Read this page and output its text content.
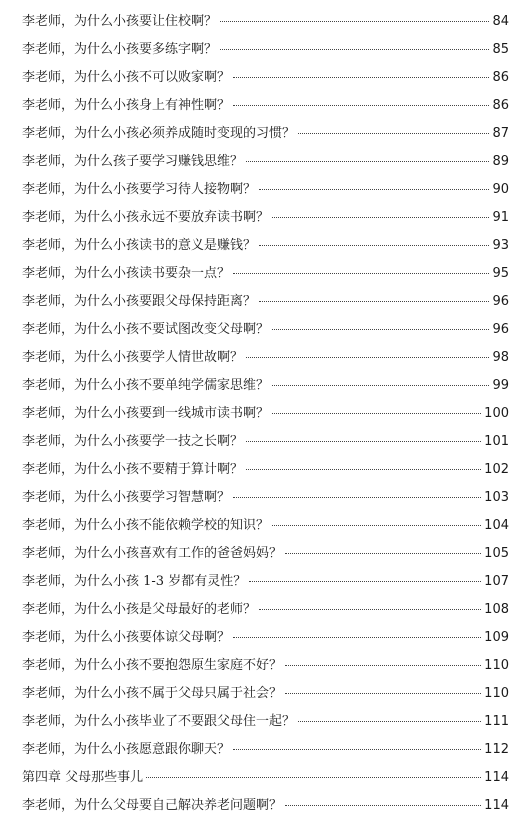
李老师，为什么小孩要让住校啊？	84
李老师，为什么小孩要多练字啊？	85
李老师，为什么小孩不可以败家啊？	86
李老师，为什么小孩身上有神性啊？	86
李老师，为什么小孩必须养成随时变现的习惯？	87
李老师，为什么孩子要学习赚钱思维？	89
李老师，为什么小孩要学习待人接物啊？	90
李老师，为什么小孩永远不要放弃读书啊？	91
李老师，为什么小孩读书的意义是赚钱？	93
李老师，为什么小孩读书要杂一点？	95
李老师，为什么小孩要跟父母保持距离？	96
李老师，为什么小孩不要试图改变父母啊？	96
李老师，为什么小孩要学人情世故啊？	98
李老师，为什么小孩不要单纯学儒家思维？	99
李老师，为什么小孩要到一线城市读书啊？	100
李老师，为什么小孩要学一技之长啊？	101
李老师，为什么小孩不要精于算计啊？	102
李老师，为什么小孩要学习智慧啊？	103
李老师，为什么小孩不能依赖学校的知识？	104
李老师，为什么小孩喜欢有工作的爸爸妈妈？	105
李老师，为什么小孩 1-3 岁都有灵性？	107
李老师，为什么小孩是父母最好的老师？	108
李老师，为什么小孩要体谅父母啊？	109
李老师，为什么小孩不要抱怨原生家庭不好？	110
李老师，为什么小孩不属于父母只属于社会？	110
李老师，为什么小孩毕业了不要跟父母住一起？	111
李老师，为什么小孩愿意跟你聊天？	112
第四章 父母那些事儿	114
李老师，为什么父母要自己解决养老问题啊？	114
